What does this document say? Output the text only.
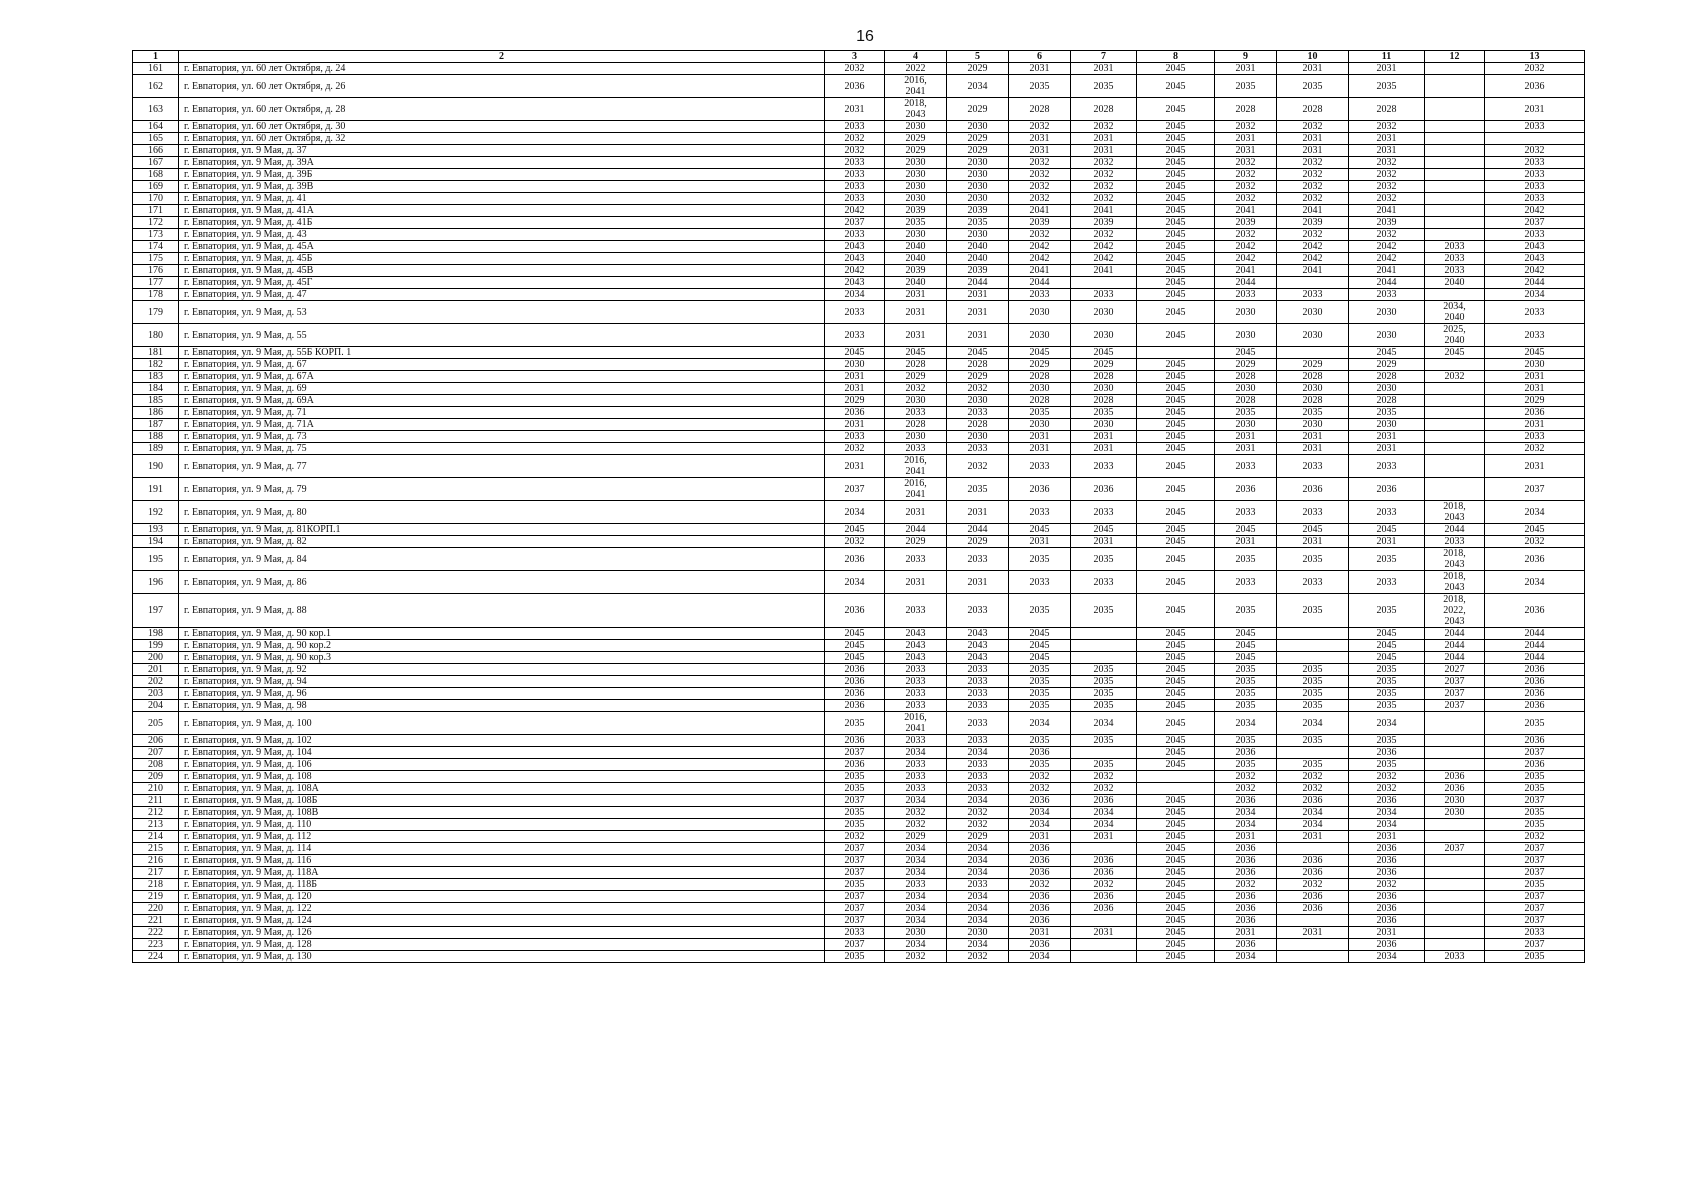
16
1	2	3	4	5	6	7	8	9	10	11	12	13
161	г. Евпатория, ул. 60 лет Октября, д. 24	2032	2022	2029	2031	2031	2045	2031	2031	2031		2032
162	г. Евпатория, ул. 60 лет Октября, д. 26	2036	2016,
2041	2034	2035	2035	2045	2035	2035	2035		2036
163	г. Евпатория, ул. 60 лет Октября, д. 28	2031	2018,
2043	2029	2028	2028	2045	2028	2028	2028		2031
164	г. Евпатория, ул. 60 лет Октября, д. 30	2033	2030	2030	2032	2032	2045	2032	2032	2032		2033
165	г. Евпатория, ул. 60 лет Октября, д. 32	2032	2029	2029	2031	2031	2045	2031	2031	2031		
166	г. Евпатория, ул. 9 Мая, д. 37	2032	2029	2029	2031	2031	2045	2031	2031	2031		2032
167	г. Евпатория, ул. 9 Мая, д. 39А	2033	2030	2030	2032	2032	2045	2032	2032	2032		2033
168	г. Евпатория, ул. 9 Мая, д. 39Б	2033	2030	2030	2032	2032	2045	2032	2032	2032		2033
169	г. Евпатория, ул. 9 Мая, д. 39В	2033	2030	2030	2032	2032	2045	2032	2032	2032		2033
170	г. Евпатория, ул. 9 Мая, д. 41	2033	2030	2030	2032	2032	2045	2032	2032	2032		2033
171	г. Евпатория, ул. 9 Мая, д. 41А	2042	2039	2039	2041	2041	2045	2041	2041	2041		2042
172	г. Евпатория, ул. 9 Мая, д. 41Б	2037	2035	2035	2039	2039	2045	2039	2039	2039		2037
173	г. Евпатория, ул. 9 Мая, д. 43	2033	2030	2030	2032	2032	2045	2032	2032	2032		2033
174	г. Евпатория, ул. 9 Мая, д. 45А	2043	2040	2040	2042	2042	2045	2042	2042	2042	2033	2043
175	г. Евпатория, ул. 9 Мая, д. 45Б	2043	2040	2040	2042	2042	2045	2042	2042	2042	2033	2043
176	г. Евпатория, ул. 9 Мая, д. 45В	2042	2039	2039	2041	2041	2045	2041	2041	2041	2033	2042
177	г. Евпатория, ул. 9 Мая, д. 45Г	2043	2040	2044	2044		2045	2044		2044	2040	2044
178	г. Евпатория, ул. 9 Мая, д. 47	2034	2031	2031	2033	2033	2045	2033	2033	2033		2034
179	г. Евпатория, ул. 9 Мая, д. 53	2033	2031	2031	2030	2030	2045	2030	2030	2030	2034,
2040	2033
180	г. Евпатория, ул. 9 Мая, д. 55	2033	2031	2031	2030	2030	2045	2030	2030	2030	2025,
2040	2033
181	г. Евпатория, ул. 9 Мая, д. 55Б КОРП. 1	2045	2045	2045	2045	2045		2045		2045	2045	2045
182	г. Евпатория, ул. 9 Мая, д. 67	2030	2028	2028	2029	2029	2045	2029	2029	2029		2030
183	г. Евпатория, ул. 9 Мая, д. 67А	2031	2029	2029	2028	2028	2045	2028	2028	2028	2032	2031
184	г. Евпатория, ул. 9 Мая, д. 69	2031	2032	2032	2030	2030	2045	2030	2030	2030		2031
185	г. Евпатория, ул. 9 Мая, д. 69А	2029	2030	2030	2028	2028	2045	2028	2028	2028		2029
186	г. Евпатория, ул. 9 Мая, д. 71	2036	2033	2033	2035	2035	2045	2035	2035	2035		2036
187	г. Евпатория, ул. 9 Мая, д. 71А	2031	2028	2028	2030	2030	2045	2030	2030	2030		2031
188	г. Евпатория, ул. 9 Мая, д. 73	2033	2030	2030	2031	2031	2045	2031	2031	2031		2033
189	г. Евпатория, ул. 9 Мая, д. 75	2032	2033	2033	2031	2031	2045	2031	2031	2031		2032
190	г. Евпатория, ул. 9 Мая, д. 77	2031	2016,
2041	2032	2033	2033	2045	2033	2033	2033		2031
191	г. Евпатория, ул. 9 Мая, д. 79	2037	2016,
2041	2035	2036	2036	2045	2036	2036	2036		2037
192	г. Евпатория, ул. 9 Мая, д. 80	2034	2031	2031	2033	2033	2045	2033	2033	2033	2018,
2043	2034
193	г. Евпатория, ул. 9 Мая, д. 81КОРП.1	2045	2044	2044	2045	2045	2045	2045	2045	2045	2044	2045
194	г. Евпатория, ул. 9 Мая, д. 82	2032	2029	2029	2031	2031	2045	2031	2031	2031	2033	2032
195	г. Евпатория, ул. 9 Мая, д. 84	2036	2033	2033	2035	2035	2045	2035	2035	2035	2018,
2043	2036
196	г. Евпатория, ул. 9 Мая, д. 86	2034	2031	2031	2033	2033	2045	2033	2033	2033	2018,
2043	2034
197	г. Евпатория, ул. 9 Мая, д. 88	2036	2033	2033	2035	2035	2045	2035	2035	2035	2018,
2022,
2043	2036
198	г. Евпатория, ул. 9 Мая, д. 90 кор.1	2045	2043	2043	2045		2045	2045		2045	2044	2044
199	г. Евпатория, ул. 9 Мая, д. 90 кор.2	2045	2043	2043	2045		2045	2045		2045	2044	2044
200	г. Евпатория, ул. 9 Мая, д. 90 кор.3	2045	2043	2043	2045		2045	2045		2045	2044	2044
201	г. Евпатория, ул. 9 Мая, д. 92	2036	2033	2033	2035	2035	2045	2035	2035	2035	2027	2036
202	г. Евпатория, ул. 9 Мая, д. 94	2036	2033	2033	2035	2035	2045	2035	2035	2035	2037	2036
203	г. Евпатория, ул. 9 Мая, д. 96	2036	2033	2033	2035	2035	2045	2035	2035	2035	2037	2036
204	г. Евпатория, ул. 9 Мая, д. 98	2036	2033	2033	2035	2035	2045	2035	2035	2035	2037	2036
205	г. Евпатория, ул. 9 Мая, д. 100	2035	2016,
2041	2033	2034	2034	2045	2034	2034	2034		2035
206	г. Евпатория, ул. 9 Мая, д. 102	2036	2033	2033	2035	2035	2045	2035	2035	2035		2036
207	г. Евпатория, ул. 9 Мая, д. 104	2037	2034	2034	2036		2045	2036		2036		2037
208	г. Евпатория, ул. 9 Мая, д. 106	2036	2033	2033	2035	2035	2045	2035	2035	2035		2036
209	г. Евпатория, ул. 9 Мая, д. 108	2035	2033	2033	2032	2032		2032	2032	2032	2036	2035
210	г. Евпатория, ул. 9 Мая, д. 108А	2035	2033	2033	2032	2032		2032	2032	2032	2036	2035
211	г. Евпатория, ул. 9 Мая, д. 108Б	2037	2034	2034	2036	2036	2045	2036	2036	2036	2030	2037
212	г. Евпатория, ул. 9 Мая, д. 108В	2035	2032	2032	2034	2034	2045	2034	2034	2034	2030	2035
213	г. Евпатория, ул. 9 Мая, д. 110	2035	2032	2032	2034	2034	2045	2034	2034	2034		2035
214	г. Евпатория, ул. 9 Мая, д. 112	2032	2029	2029	2031	2031	2045	2031	2031	2031		2032
215	г. Евпатория, ул. 9 Мая, д. 114	2037	2034	2034	2036		2045	2036		2036	2037	2037
216	г. Евпатория, ул. 9 Мая, д. 116	2037	2034	2034	2036	2036	2045	2036	2036	2036		2037
217	г. Евпатория, ул. 9 Мая, д. 118А	2037	2034	2034	2036	2036	2045	2036	2036	2036		2037
218	г. Евпатория, ул. 9 Мая, д. 118Б	2035	2033	2033	2032	2032	2045	2032	2032	2032		2035
219	г. Евпатория, ул. 9 Мая, д. 120	2037	2034	2034	2036	2036	2045	2036	2036	2036		2037
220	г. Евпатория, ул. 9 Мая, д. 122	2037	2034	2034	2036	2036	2045	2036	2036	2036		2037
221	г. Евпатория, ул. 9 Мая, д. 124	2037	2034	2034	2036		2045	2036		2036		2037
222	г. Евпатория, ул. 9 Мая, д. 126	2033	2030	2030	2031	2031	2045	2031	2031	2031		2033
223	г. Евпатория, ул. 9 Мая, д. 128	2037	2034	2034	2036		2045	2036		2036		2037
224	г. Евпатория, ул. 9 Мая, д. 130	2035	2032	2032	2034		2045	2034		2034	2033	2035
